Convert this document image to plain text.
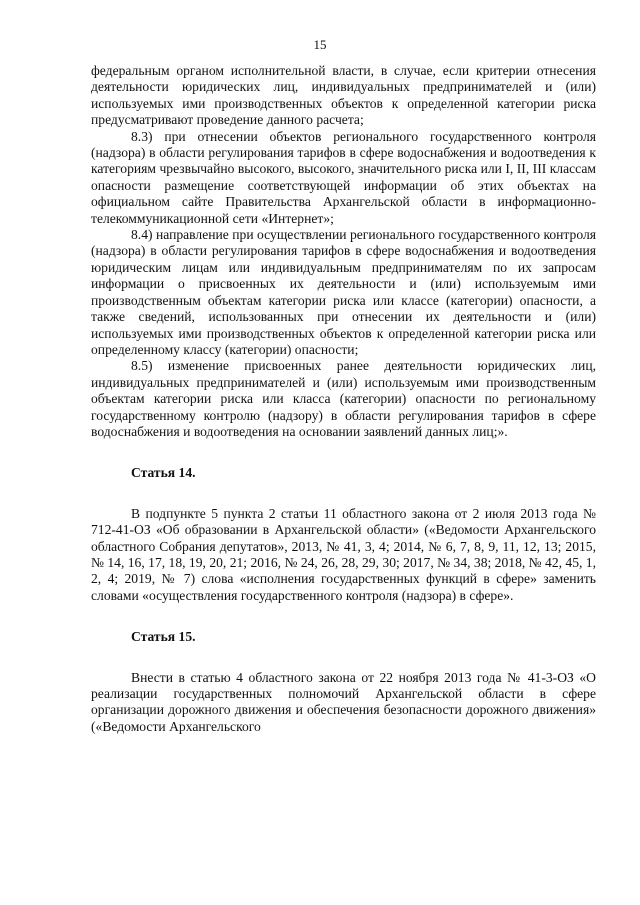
15

федеральным органом исполнительной власти, в случае, если критерии отнесения деятельности юридических лиц, индивидуальных предпринимателей и (или) используемых ими производственных объектов к определенной категории риска предусматривают проведение данного расчета;

8.3) при отнесении объектов регионального государственного контроля (надзора) в области регулирования тарифов в сфере водоснабжения и водоотведения к категориям чрезвычайно высокого, высокого, значительного риска или I, II, III классам опасности размещение соответствующей информации об этих объектах на официальном сайте Правительства Архангельской области в информационно-телекоммуникационной сети «Интернет»;

8.4) направление при осуществлении регионального государственного контроля (надзора) в области регулирования тарифов в сфере водоснабжения и водоотведения юридическим лицам или индивидуальным предпринимателям по их запросам информации о присвоенных их деятельности и (или) используемым ими производственным объектам категории риска или классе (категории) опасности, а также сведений, использованных при отнесении их деятельности и (или) используемых ими производственных объектов к определенной категории риска или определенному классу (категории) опасности;

8.5) изменение присвоенных ранее деятельности юридических лиц, индивидуальных предпринимателей и (или) используемым ими производственным объектам категории риска или класса (категории) опасности по региональному государственному контролю (надзору) в области регулирования тарифов в сфере водоснабжения и водоотведения на основании заявлений данных лиц;».

Статья 14.

В подпункте 5 пункта 2 статьи 11 областного закона от 2 июля 2013 года № 712-41-ОЗ «Об образовании в Архангельской области» («Ведомости Архангельского областного Собрания депутатов», 2013, № 41, 3, 4; 2014, № 6, 7, 8, 9, 11, 12, 13; 2015, № 14, 16, 17, 18, 19, 20, 21; 2016, № 24, 26, 28, 29, 30; 2017, № 34, 38; 2018, № 42, 45, 1, 2, 4; 2019, № 7) слова «исполнения государственных функций в сфере» заменить словами «осуществления государственного контроля (надзора) в сфере».

Статья 15.

Внести в статью 4 областного закона от 22 ноября 2013 года № 41-3-ОЗ «О реализации государственных полномочий Архангельской области в сфере организации дорожного движения и обеспечения безопасности дорожного движения» («Ведомости Архангельского
